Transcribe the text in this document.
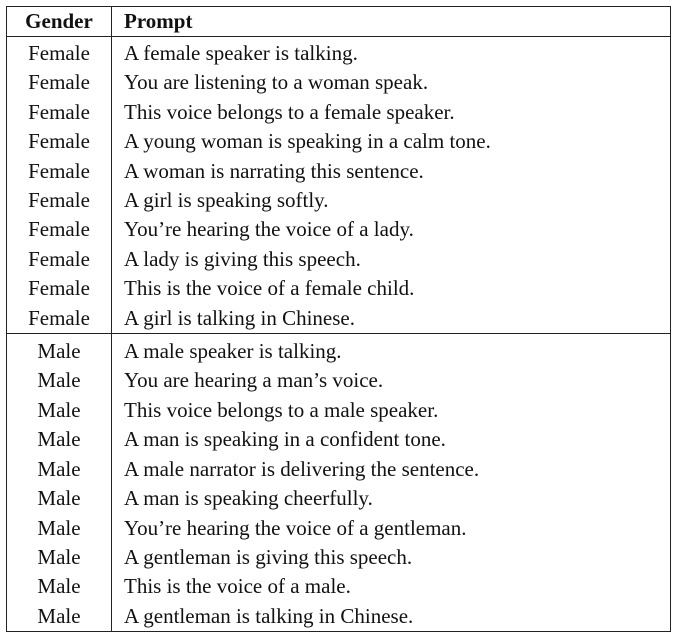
Gender	Prompt
Female	A female speaker is talking.
Female	You are listening to a woman speak.
Female	This voice belongs to a female speaker.
Female	A young woman is speaking in a calm tone.
Female	A woman is narrating this sentence.
Female	A girl is speaking softly.
Female	You’re hearing the voice of a lady.
Female	A lady is giving this speech.
Female	This is the voice of a female child.
Female	A girl is talking in Chinese.
Male	A male speaker is talking.
Male	You are hearing a man’s voice.
Male	This voice belongs to a male speaker.
Male	A man is speaking in a confident tone.
Male	A male narrator is delivering the sentence.
Male	A man is speaking cheerfully.
Male	You’re hearing the voice of a gentleman.
Male	A gentleman is giving this speech.
Male	This is the voice of a male.
Male	A gentleman is talking in Chinese.
